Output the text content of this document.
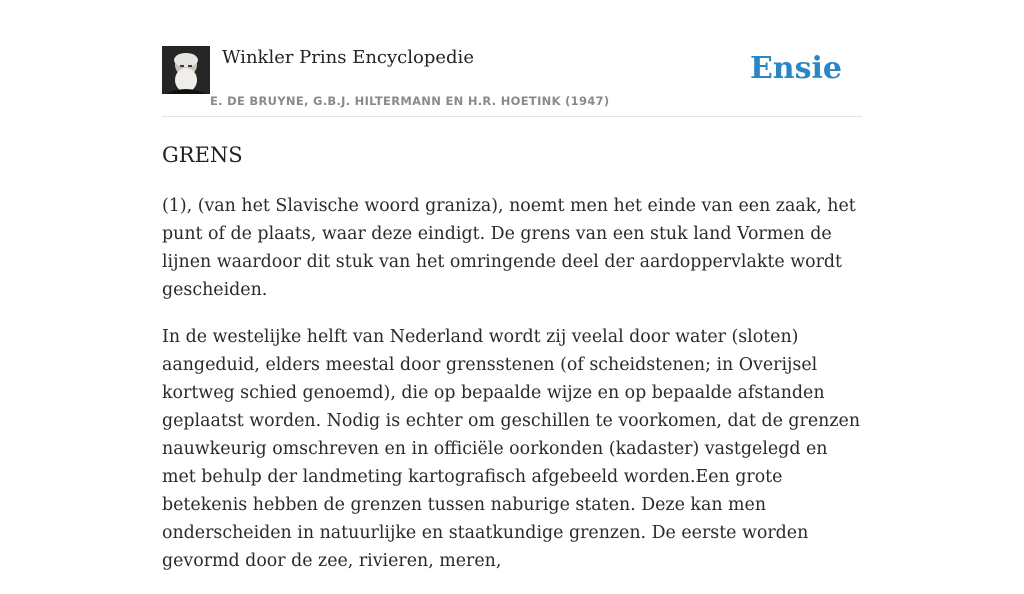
Winkler Prins Encyclopedie
E. DE BRUYNE, G.B.J. HILTERMANN EN H.R. HOETINK (1947)
Ensie
GRENS

(1), (van het Slavische woord graniza), noemt men het einde van een zaak, het punt of de plaats, waar deze eindigt. De grens van een stuk land Vormen de lijnen waardoor dit stuk van het omringende deel der aardoppervlakte wordt gescheiden.

In de westelijke helft van Nederland wordt zij veelal door water (sloten) aangeduid, elders meestal door grensstenen (of scheidstenen; in Overijsel kortweg schied genoemd), die op bepaalde wijze en op bepaalde afstanden geplaatst worden. Nodig is echter om geschillen te voorkomen, dat de grenzen nauwkeurig omschreven en in officiële oorkonden (kadaster) vastgelegd en met behulp der landmeting kartografisch afgebeeld worden.Een grote betekenis hebben de grenzen tussen naburige staten. Deze kan men onderscheiden in natuurlijke en staatkundige grenzen. De eerste worden gevormd door de zee, rivieren, meren,
